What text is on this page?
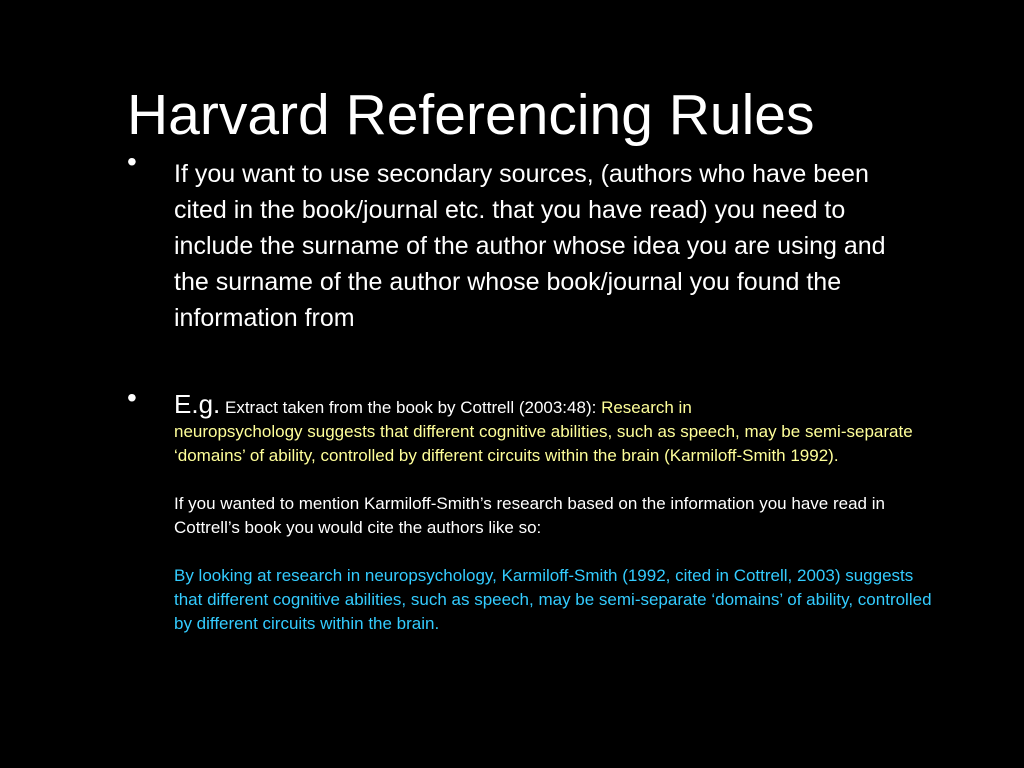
Harvard Referencing Rules
• If you want to use secondary sources, (authors who have been cited in the book/journal etc. that you have read) you need to include the surname of the author whose idea you are using and the surname of the author whose book/journal you found the information from

• E.g. Extract taken from the book by Cottrell (2003:48): Research in
neuropsychology suggests that different cognitive abilities, such as speech, may be semi-separate ‘domains’ of ability, controlled by different circuits within the brain (Karmiloff-Smith 1992).
If you wanted to mention Karmiloff-Smith’s research based on the information you have read in Cottrell’s book you would cite the authors like so:
By looking at research in neuropsychology, Karmiloff-Smith (1992, cited in Cottrell, 2003) suggests that different cognitive abilities, such as speech, may be semi-separate ‘domains’ of ability, controlled by different circuits within the brain.
